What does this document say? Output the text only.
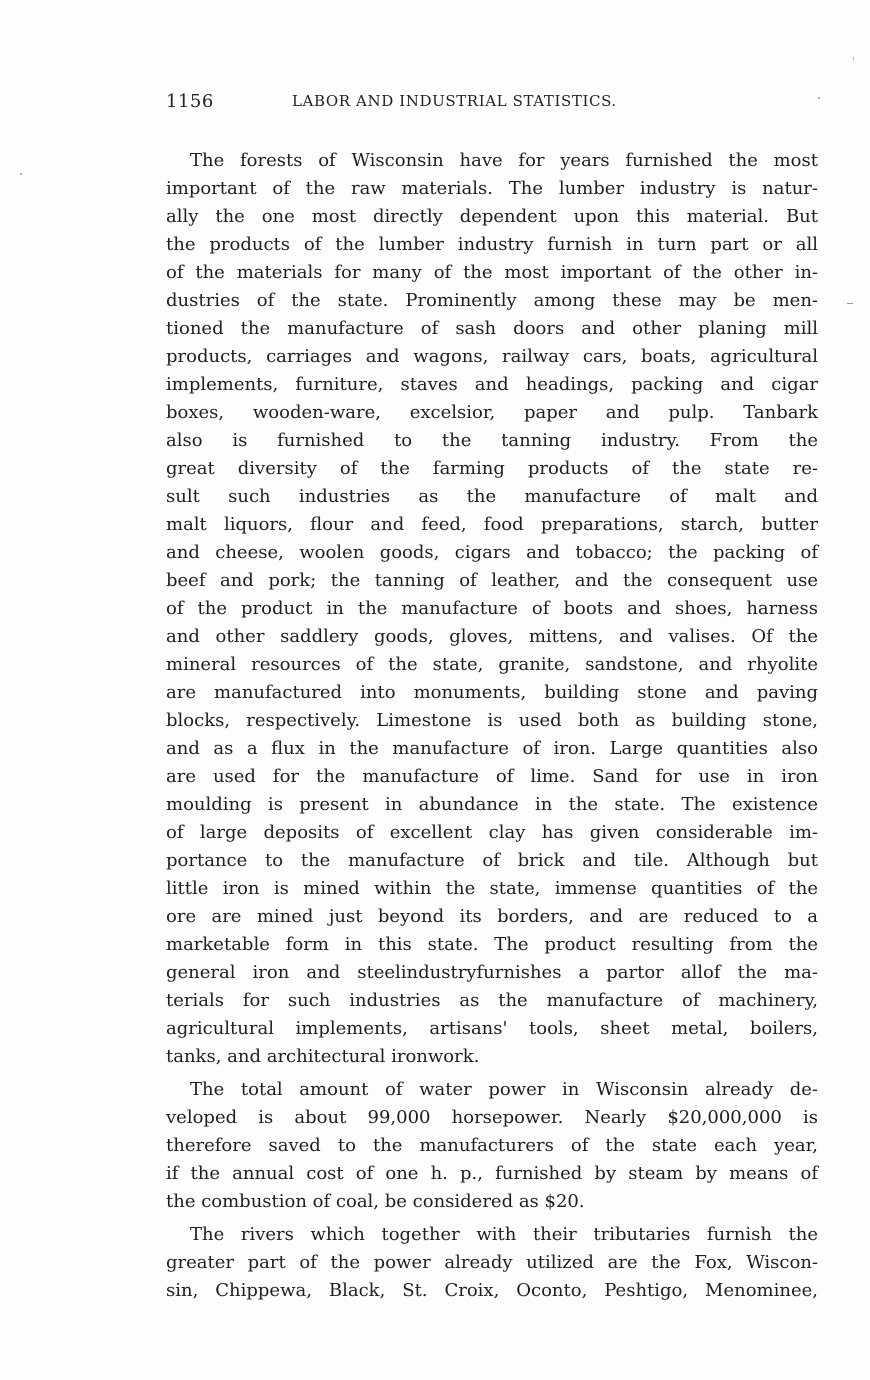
1156	LABOR AND INDUSTRIAL STATISTICS.

The forests of Wisconsin have for years furnished the most
important of the raw materials. The lumber industry is natur-
ally the one most directly dependent upon this material. But
the products of the lumber industry furnish in turn part or all
of the materials for many of the most important of the other in-
dustries of the state. Prominently among these may be men-
tioned the manufacture of sash doors and other planing mill
products, carriages and wagons, railway cars, boats, agricultural
implements, furniture, staves and headings, packing and cigar
boxes, wooden-ware, excelsior, paper and pulp. Tanbark
also is furnished to the tanning industry. From the
great diversity of the farming products of the state re-
sult such industries as the manufacture of malt and
malt liquors, flour and feed, food preparations, starch, butter
and cheese, woolen goods, cigars and tobacco; the packing of
beef and pork; the tanning of leather, and the consequent use
of the product in the manufacture of boots and shoes, harness
and other saddlery goods, gloves, mittens, and valises. Of the
mineral resources of the state, granite, sandstone, and rhyolite
are manufactured into monuments, building stone and paving
blocks, respectively. Limestone is used both as building stone,
and as a flux in the manufacture of iron. Large quantities also
are used for the manufacture of lime. Sand for use in iron
moulding is present in abundance in the state. The existence
of large deposits of excellent clay has given considerable im-
portance to the manufacture of brick and tile. Although but
little iron is mined within the state, immense quantities of the
ore are mined just beyond its borders, and are reduced to a
marketable form in this state. The product resulting from the
general iron and steelindustryfurnishes a partor allof the ma-
terials for such industries as the manufacture of machinery,
agricultural implements, artisans' tools, sheet metal, boilers,
tanks, and architectural ironwork.

The total amount of water power in Wisconsin already de-
veloped is about 99,000 horsepower. Nearly $20,000,000 is
therefore saved to the manufacturers of the state each year,
if the annual cost of one h. p., furnished by steam by means of
the combustion of coal, be considered as $20.

The rivers which together with their tributaries furnish the
greater part of the power already utilized are the Fox, Wiscon-
sin, Chippewa, Black, St. Croix, Oconto, Peshtigo, Menominee,
